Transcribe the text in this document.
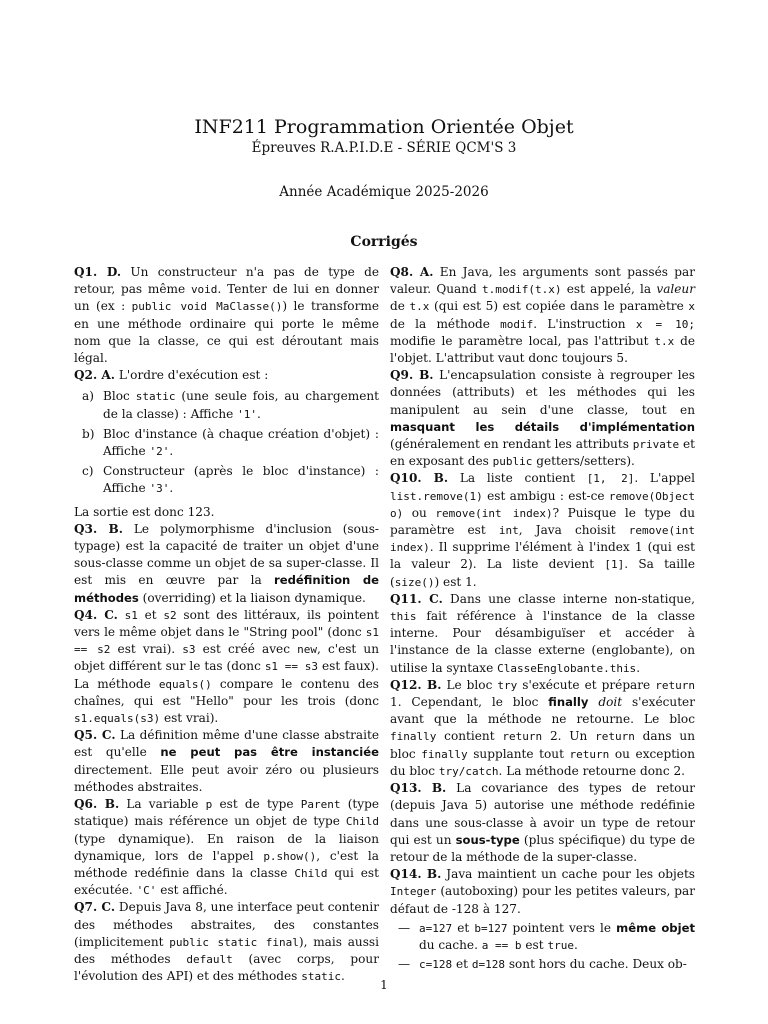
INF211 Programmation Orientée Objet
Épreuves R.A.P.I.D.E - SÉRIE QCM'S 3
Année Académique 2025-2026
Corrigés

Q1. D. Un constructeur n'a pas de type de retour, pas même void. Tenter de lui en donner un (ex : public void MaClasse()) le transforme en une méthode ordinaire qui porte le même nom que la classe, ce qui est déroutant mais légal.

Q2. A. L'ordre d'exécution est :

a) Bloc static (une seule fois, au chargement de la classe) : Affiche '1'.
b) Bloc d'instance (à chaque création d'objet) : Affiche '2'.
c) Constructeur (après le bloc d'instance) : Affiche '3'.

La sortie est donc 123.

Q3. B. Le polymorphisme d'inclusion (sous-typage) est la capacité de traiter un objet d'une sous-classe comme un objet de sa super-classe. Il est mis en œuvre par la redéfinition de méthodes (overriding) et la liaison dynamique.

Q4. C. s1 et s2 sont des littéraux, ils pointent vers le même objet dans le "String pool" (donc s1 == s2 est vrai). s3 est créé avec new, c'est un objet différent sur le tas (donc s1 == s3 est faux). La méthode equals() compare le contenu des chaînes, qui est "Hello" pour les trois (donc s1.equals(s3) est vrai).

Q5. C. La définition même d'une classe abstraite est qu'elle ne peut pas être instanciée directement. Elle peut avoir zéro ou plusieurs méthodes abstraites.

Q6. B. La variable p est de type Parent (type statique) mais référence un objet de type Child (type dynamique). En raison de la liaison dynamique, lors de l'appel p.show(), c'est la méthode redéfinie dans la classe Child qui est exécutée. 'C' est affiché.

Q7. C. Depuis Java 8, une interface peut contenir des méthodes abstraites, des constantes (implicitement public static final), mais aussi des méthodes default (avec corps, pour l'évolution des API) et des méthodes static.

Q8. A. En Java, les arguments sont passés par valeur. Quand t.modif(t.x) est appelé, la valeur de t.x (qui est 5) est copiée dans le paramètre x de la méthode modif. L'instruction x = 10; modifie le paramètre local, pas l'attribut t.x de l'objet. L'attribut vaut donc toujours 5.

Q9. B. L'encapsulation consiste à regrouper les données (attributs) et les méthodes qui les manipulent au sein d'une classe, tout en masquant les détails d'implémentation (généralement en rendant les attributs private et en exposant des public getters/setters).

Q10. B. La liste contient [1, 2]. L'appel list.remove(1) est ambigu : est-ce remove(Object o) ou remove(int index)? Puisque le type du paramètre est int, Java choisit remove(int index). Il supprime l'élément à l'index 1 (qui est la valeur 2). La liste devient [1]. Sa taille (size()) est 1.

Q11. C. Dans une classe interne non-statique, this fait référence à l'instance de la classe interne. Pour désambiguïser et accéder à l'instance de la classe externe (englobante), on utilise la syntaxe ClasseEnglobante.this.

Q12. B. Le bloc try s'exécute et prépare return 1. Cependant, le bloc finally doit s'exécuter avant que la méthode ne retourne. Le bloc finally contient return 2. Un return dans un bloc finally supplante tout return ou exception du bloc try/catch. La méthode retourne donc 2.

Q13. B. La covariance des types de retour (depuis Java 5) autorise une méthode redéfinie dans une sous-classe à avoir un type de retour qui est un sous-type (plus spécifique) du type de retour de la méthode de la super-classe.

Q14. B. Java maintient un cache pour les objets Integer (autoboxing) pour les petites valeurs, par défaut de -128 à 127.

— a=127 et b=127 pointent vers le même objet du cache. a == b est true.
— c=128 et d=128 sont hors du cache. Deux ob-
1
